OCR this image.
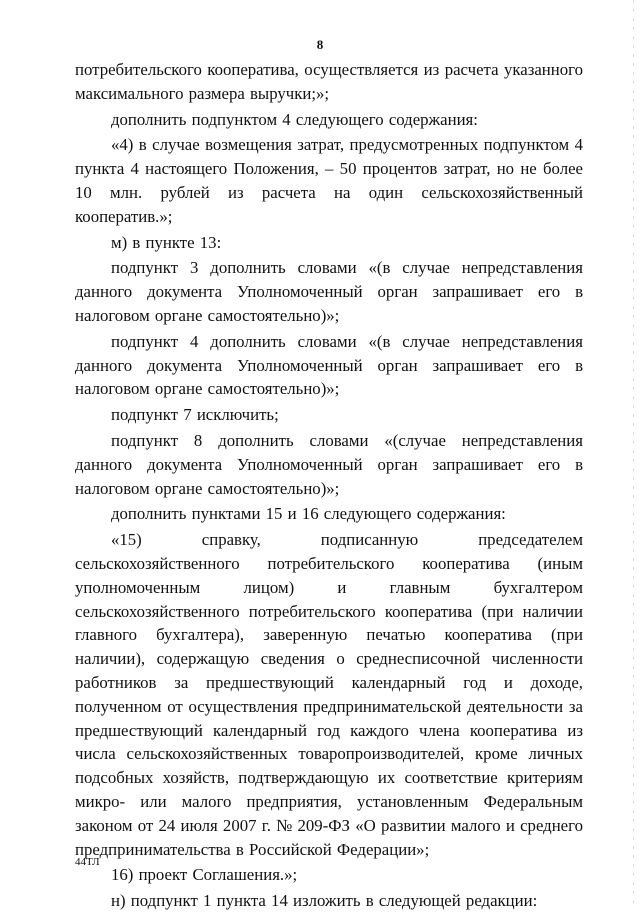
8

потребительского кооператива, осуществляется из расчета указанного максимального размера выручки;»;

дополнить подпунктом 4 следующего содержания:

«4) в случае возмещения затрат, предусмотренных подпунктом 4 пункта 4 настоящего Положения, – 50 процентов затрат, но не более 10 млн. рублей из расчета на один сельскохозяйственный кооператив.»;

м) в пункте 13:

подпункт 3 дополнить словами «(в случае непредставления данного документа Уполномоченный орган запрашивает его в налоговом органе самостоятельно)»;

подпункт 4 дополнить словами «(в случае непредставления данного документа Уполномоченный орган запрашивает его в налоговом органе самостоятельно)»;

подпункт 7 исключить;

подпункт 8 дополнить словами «(случае непредставления данного документа Уполномоченный орган запрашивает его в налоговом органе самостоятельно)»;

дополнить пунктами 15 и 16 следующего содержания:

«15) справку, подписанную председателем сельскохозяйственного потребительского кооператива (иным уполномоченным лицом) и главным бухгалтером сельскохозяйственного потребительского кооператива (при наличии главного бухгалтера), заверенную печатью кооператива (при наличии), содержащую сведения о среднесписочной численности работников за предшествующий календарный год и доходе, полученном от осуществления предпринимательской деятельности за предшествующий календарный год каждого члена кооператива из числа сельскохозяйственных товаропроизводителей, кроме личных подсобных хозяйств, подтверждающую их соответствие критериям микро- или малого предприятия, установленным Федеральным законом от 24 июля 2007 г. № 209-ФЗ «О развитии малого и среднего предпринимательства в Российской Федерации»;

16) проект Соглашения.»;

н) подпункт 1 пункта 14 изложить в следующей редакции:

44ТЛ
